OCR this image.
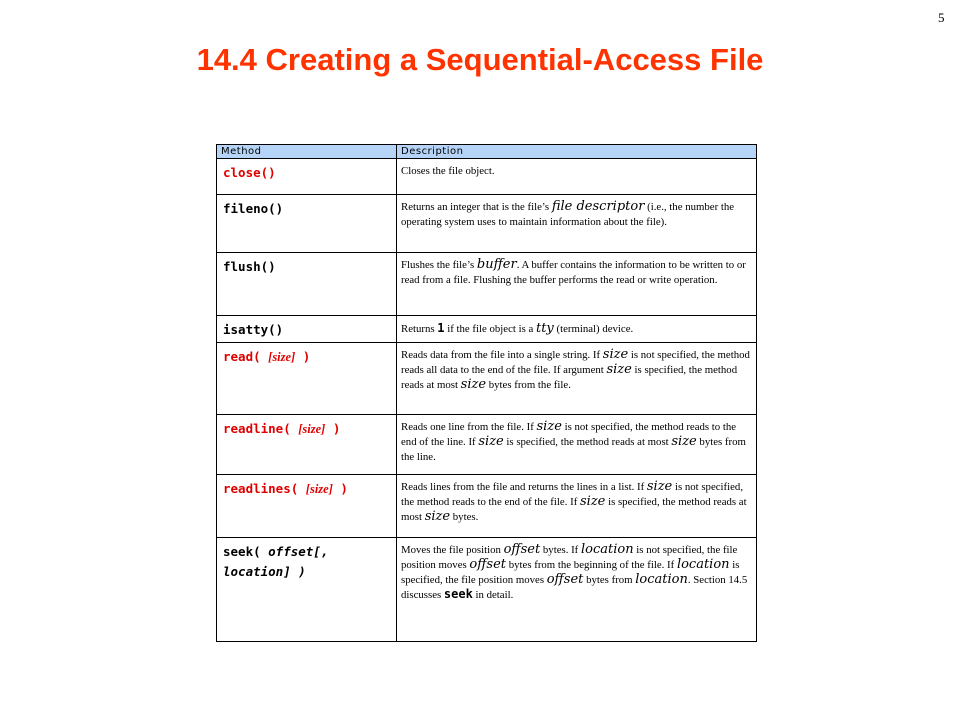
5
14.4 Creating a Sequential-Access File
Method	Description
close()	Closes the file object.
fileno()	Returns an integer that is the file’s file descriptor (i.e., the number the operating system uses to maintain information about the file).
flush()	Flushes the file’s buffer. A buffer contains the information to be written to or read from a file. Flushing the buffer performs the read or write operation.
isatty()	Returns 1 if the file object is a tty (terminal) device.
read( [size] )	Reads data from the file into a single string. If size is not specified, the method reads all data to the end of the file. If argument size is specified, the method reads at most size bytes from the file.
readline( [size] )	Reads one line from the file. If size is not specified, the method reads to the end of the line. If size is specified, the method reads at most size bytes from the line.
readlines( [size] )	Reads lines from the file and returns the lines in a list. If size is not specified, the method reads to the end of the file. If size is specified, the method reads at most size bytes.
seek( offset[,
location] )	Moves the file position offset bytes. If location is not specified, the file position moves offset bytes from the beginning of the file. If location is specified, the file position moves offset bytes from location. Section 14.5 discusses seek in detail.
